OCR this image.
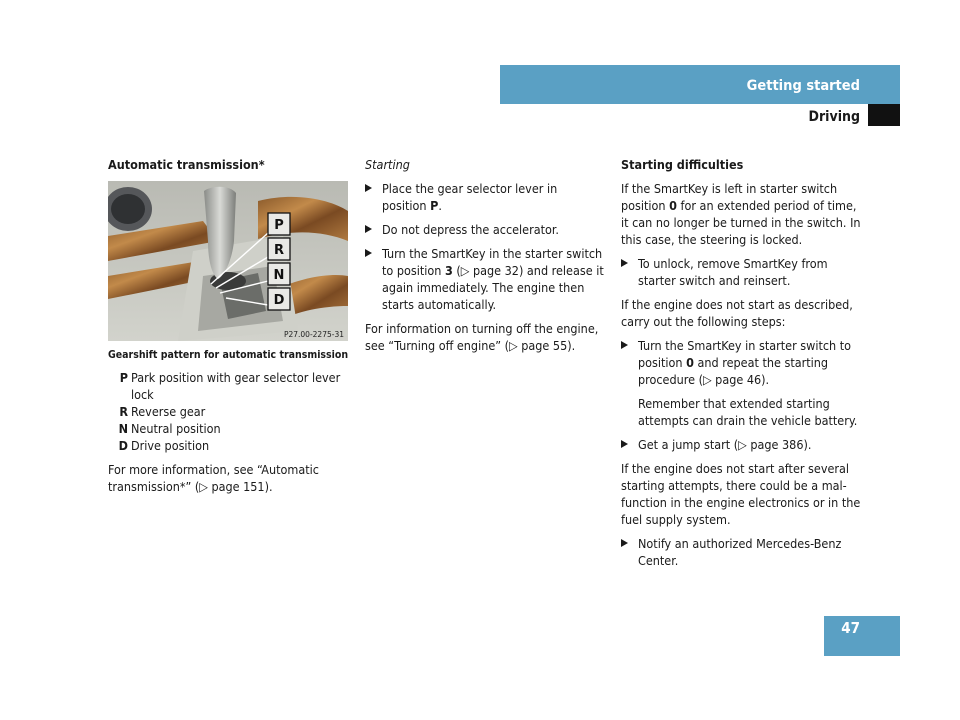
Getting started
Driving
Automatic transmission*
P
R
N
D
P27.00-2275-31
Gearshift pattern for automatic transmission
P Park position with gear selector lever lock
R Reverse gear
N Neutral position
D Drive position

For more information, see “Automatic transmission*” (▷ page 151).

Starting
Place the gear selector lever in position P.
Do not depress the accelerator.
Turn the SmartKey in the starter switch to position 3 (▷ page 32) and release it again immediately. The engine then starts automatically.

For information on turning off the engine, see “Turning off engine” (▷ page 55).

Starting difficulties

If the SmartKey is left in starter switch position 0 for an extended period of time, it can no longer be turned in the switch. In this case, the steering is locked.

To unlock, remove SmartKey from starter switch and reinsert.

If the engine does not start as described, carry out the following steps:

Turn the SmartKey in starter switch to position 0 and repeat the starting procedure (▷ page 46).
Remember that extended starting attempts can drain the vehicle battery.
Get a jump start (▷ page 386).

If the engine does not start after several starting attempts, there could be a mal-function in the engine electronics or in the fuel supply system.

Notify an authorized Mercedes-Benz Center.
47
